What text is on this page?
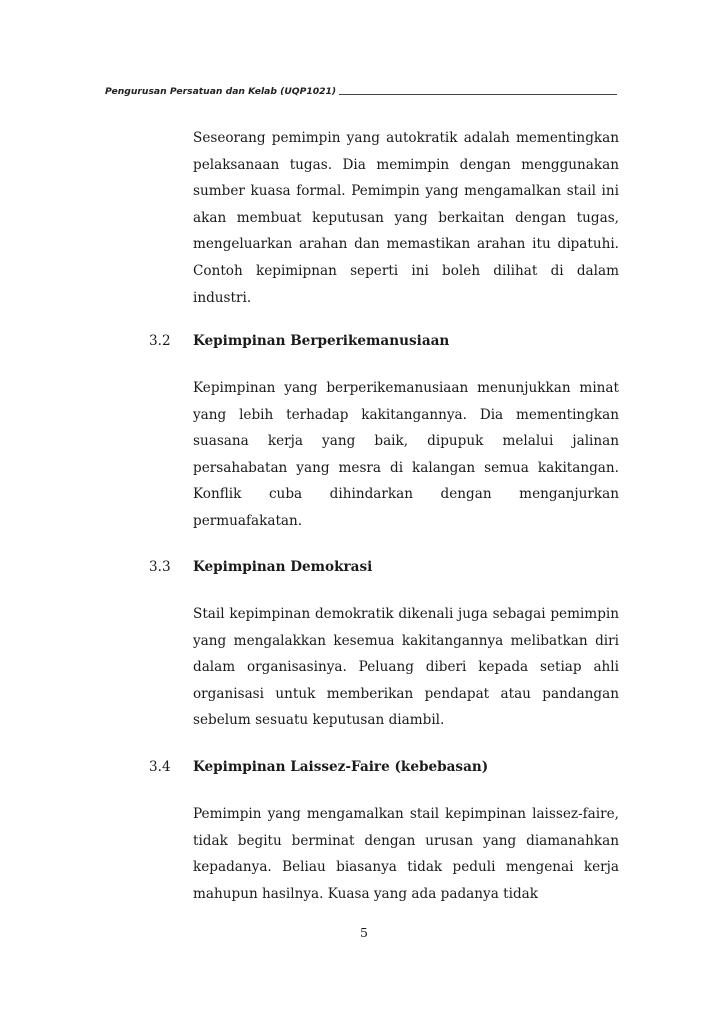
Pengurusan Persatuan dan Kelab (UQP1021)

Seseorang pemimpin yang autokratik adalah mementingkan pelaksanaan tugas. Dia memimpin dengan menggunakan sumber kuasa formal. Pemimpin yang mengamalkan stail ini akan membuat keputusan yang berkaitan dengan tugas, mengeluarkan arahan dan memastikan arahan itu dipatuhi. Contoh kepimipnan seperti ini boleh dilihat di dalam industri.

3.2 Kepimpinan Berperikemanusiaan

Kepimpinan yang berperikemanusiaan menunjukkan minat yang lebih terhadap kakitangannya. Dia mementingkan suasana kerja yang baik, dipupuk melalui jalinan persahabatan yang mesra di kalangan semua kakitangan. Konflik cuba dihindarkan dengan menganjurkan permuafakatan.

3.3 Kepimpinan Demokrasi

Stail kepimpinan demokratik dikenali juga sebagai pemimpin yang mengalakkan kesemua kakitangannya melibatkan diri dalam organisasinya. Peluang diberi kepada setiap ahli organisasi untuk memberikan pendapat atau pandangan sebelum sesuatu keputusan diambil.

3.4 Kepimpinan Laissez-Faire (kebebasan)

Pemimpin yang mengamalkan stail kepimpinan laissez-faire, tidak begitu berminat dengan urusan yang diamanahkan kepadanya. Beliau biasanya tidak peduli mengenai kerja mahupun hasilnya. Kuasa yang ada padanya tidak

5
